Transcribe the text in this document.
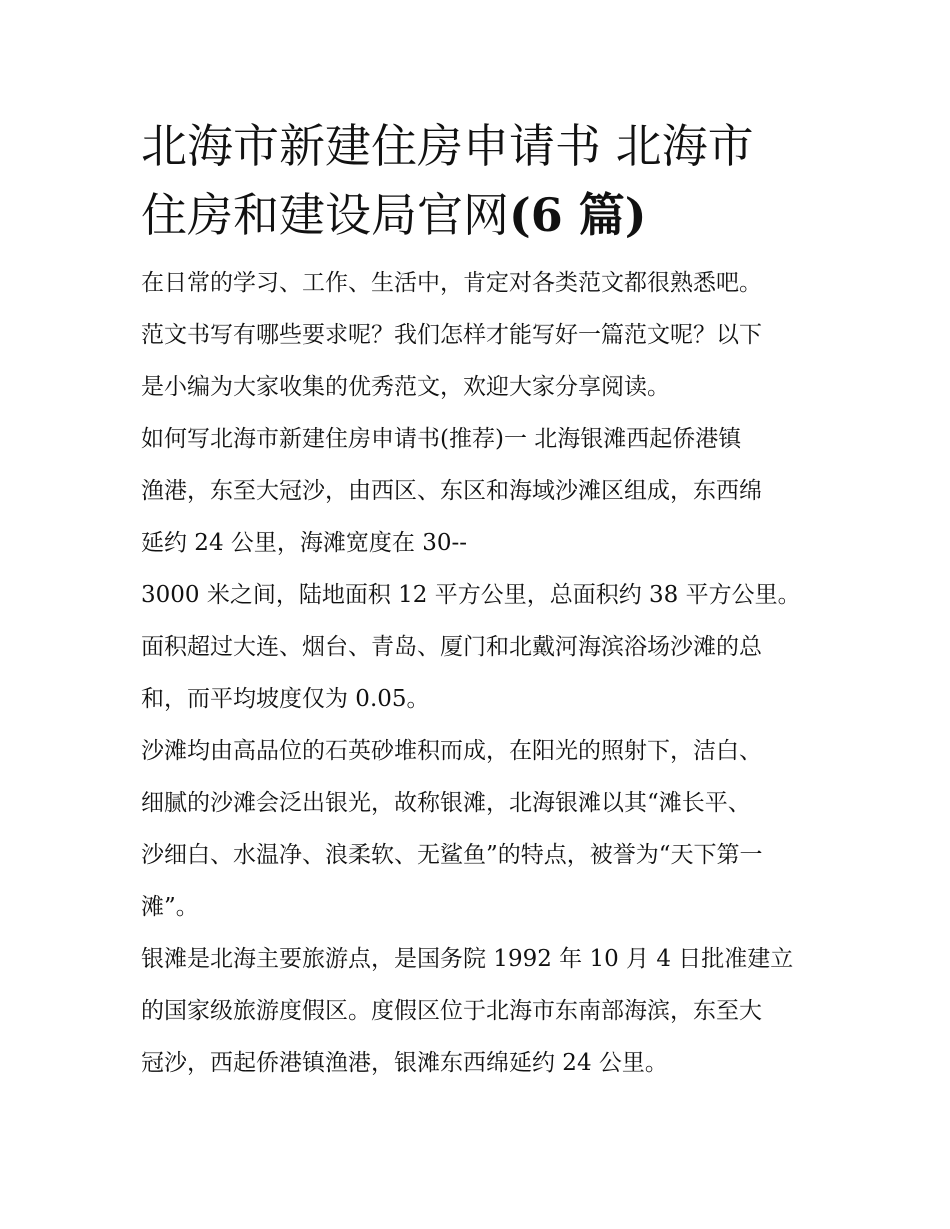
北海市新建住房申请书 北海市
住房和建设局官网(6 篇)

在日常的学习、工作、生活中，肯定对各类范文都很熟悉吧。
范文书写有哪些要求呢？我们怎样才能写好一篇范文呢？以下
是小编为大家收集的优秀范文，欢迎大家分享阅读。

如何写北海市新建住房申请书(推荐)一 北海银滩西起侨港镇
渔港，东至大冠沙，由西区、东区和海域沙滩区组成，东西绵
延约 24 公里，海滩宽度在 30--

3000 米之间，陆地面积 12 平方公里，总面积约 38 平方公里。
面积超过大连、烟台、青岛、厦门和北戴河海滨浴场沙滩的总
和，而平均坡度仅为 0.05。

沙滩均由高品位的石英砂堆积而成，在阳光的照射下，洁白、
细腻的沙滩会泛出银光，故称银滩，北海银滩以其“滩长平、
沙细白、水温净、浪柔软、无鲨鱼”的特点，被誉为“天下第一
滩”。

银滩是北海主要旅游点，是国务院 1992 年 10 月 4 日批准建立
的国家级旅游度假区。度假区位于北海市东南部海滨，东至大
冠沙，西起侨港镇渔港，银滩东西绵延约 24 公里。
